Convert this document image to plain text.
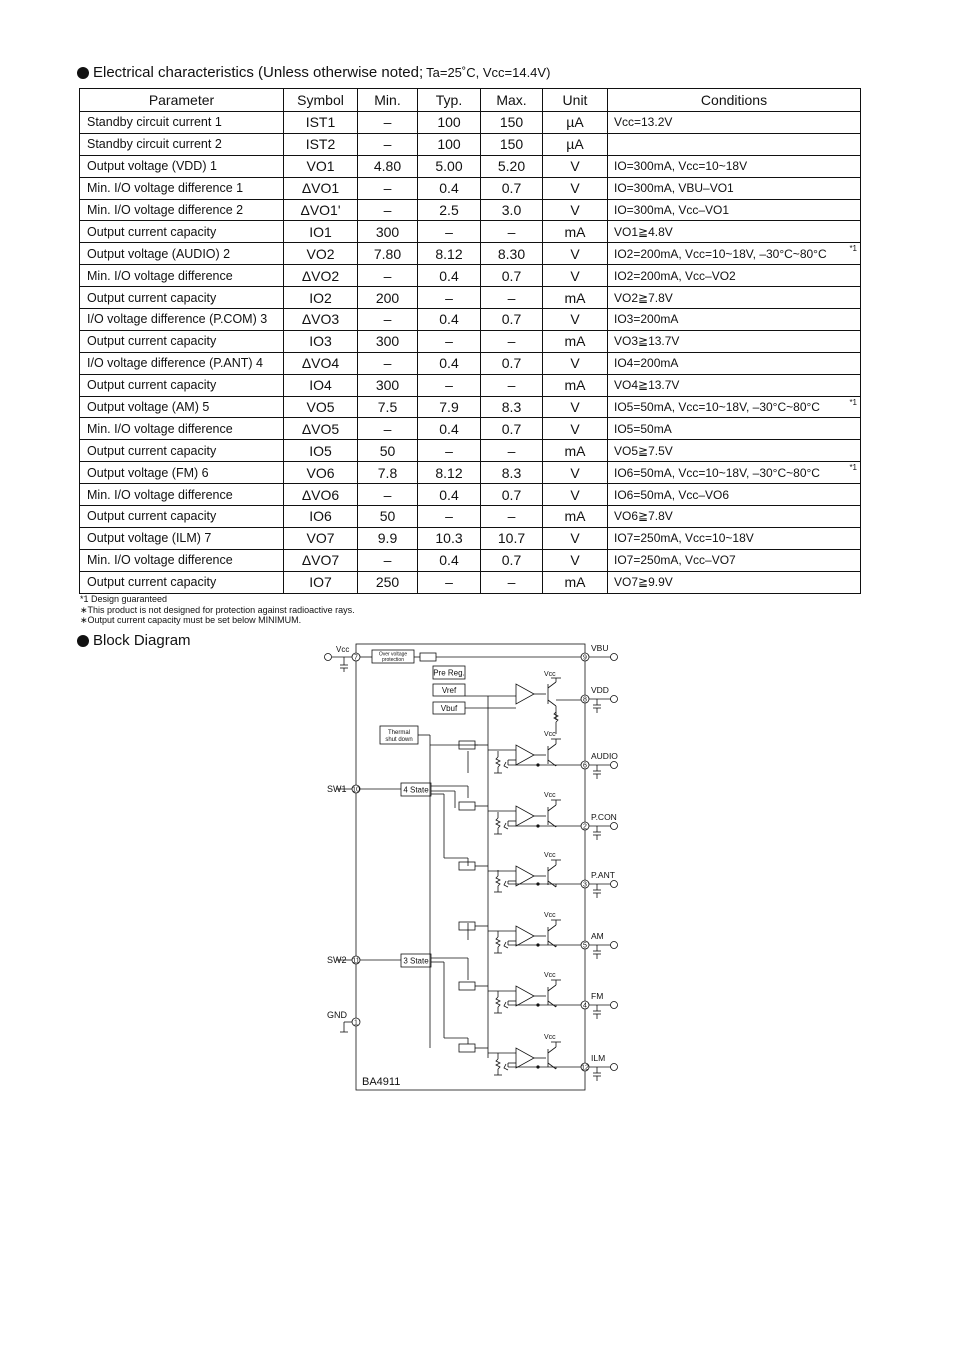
Electrical characteristics (Unless otherwise noted; Ta=25˚C, Vcc=14.4V)
Parameter	Symbol	Min.	Typ.	Max.	Unit	Conditions
Standby circuit current 1	IST1	–	100	150	µA	Vcc=13.2V
Standby circuit current 2	IST2	–	100	150	µA	
Output voltage (VDD) 1	VO1	4.80	5.00	5.20	V	IO=300mA, Vcc=10~18V
Min. I/O voltage difference 1	ΔVO1	–	0.4	0.7	V	IO=300mA, VBU–VO1
Min. I/O voltage difference 2	ΔVO1'	–	2.5	3.0	V	IO=300mA, Vcc–VO1
Output current capacity	IO1	300	–	–	mA	VO1≧4.8V
Output voltage (AUDIO) 2	VO2	7.80	8.12	8.30	V	IO2=200mA, Vcc=10~18V, –30°C~80°C *1

Min. I/O voltage difference	ΔVO2	–	0.4	0.7	V	IO2=200mA, Vcc–VO2
Output current capacity	IO2	200	–	–	mA	VO2≧7.8V
I/O voltage difference (P.COM) 3	ΔVO3	–	0.4	0.7	V	IO3=200mA
Output current capacity	IO3	300	–	–	mA	VO3≧13.7V
I/O voltage difference (P.ANT) 4	ΔVO4	–	0.4	0.7	V	IO4=200mA
Output current capacity	IO4	300	–	–	mA	VO4≧13.7V
Output voltage (AM) 5	VO5	7.5	7.9	8.3	V	IO5=50mA, Vcc=10~18V, –30°C~80°C *1

Min. I/O voltage difference	ΔVO5	–	0.4	0.7	V	IO5=50mA
Output current capacity	IO5	50	–	–	mA	VO5≧7.5V
Output voltage (FM) 6	VO6	7.8	8.12	8.3	V	IO6=50mA, Vcc=10~18V, –30°C~80°C *1

Min. I/O voltage difference	ΔVO6	–	0.4	0.7	V	IO6=50mA, Vcc–VO6
Output current capacity	IO6	50	–	–	mA	VO6≧7.8V
Output voltage (ILM) 7	VO7	9.9	10.3	10.7	V	IO7=250mA, Vcc=10~18V
Min. I/O voltage difference	ΔVO7	–	0.4	0.7	V	IO7=250mA, Vcc–VO7
Output current capacity	IO7	250	–	–	mA	VO7≧9.9V
*1 Design guaranteed
∗This product is not designed for protection against radioactive rays.
∗Output current capacity must be set below MINIMUM.
Block Diagram
BA4911
7
Vcc
10
SW1
11
SW2
1
GND
Over voltage
protection
Pre Reg.
Vref
Vbuf
Thermal
shut down
4 State
3 State
Vcc
Vcc
Vcc
Vcc
Vcc
Vcc
Vcc
9
VBU
8
VDD
6
AUDIO
2
P.CON
3
P.ANT
5
AM
4
FM
12
ILM
